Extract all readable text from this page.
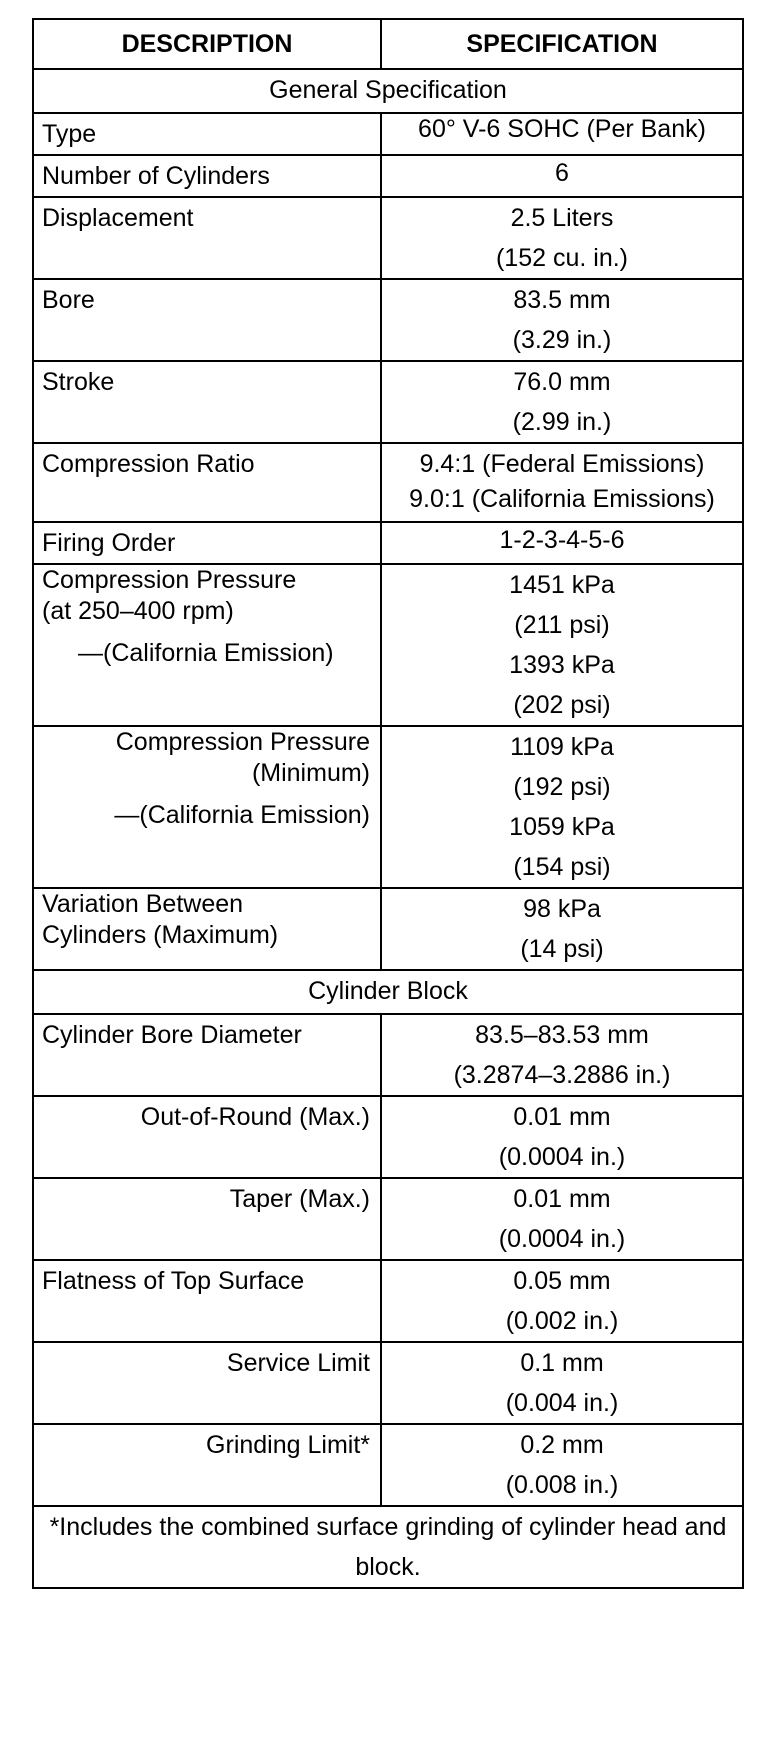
DESCRIPTION	SPECIFICATION
General Specification	
Type	60° V-6 SOHC (Per Bank)

Number of Cylinders	6

Displacement	2.5 Liters
(152 cu. in.)

Bore	83.5 mm
(3.29 in.)

Stroke	76.0 mm
(2.99 in.)

Compression Ratio	9.4:1 (Federal Emissions)
9.0:1 (California Emissions)

Firing Order	1-2-3-4-5-6

Compression Pressure
(at 250–400 rpm)
—(California Emission)	1451 kPa
(211 psi)
1393 kPa
(202 psi)

Compression Pressure
(Minimum)
—(California Emission)	1109 kPa
(192 psi)
1059 kPa
(154 psi)

Variation Between
Cylinders (Maximum)	98 kPa
(14 psi)

Cylinder Block	
Cylinder Bore Diameter	83.5–83.53 mm
(3.2874–3.2886 in.)

Out-of-Round (Max.)	0.01 mm
(0.0004 in.)

Taper (Max.)	0.01 mm
(0.0004 in.)

Flatness of Top Surface	0.05 mm
(0.002 in.)

Service Limit	0.1 mm
(0.004 in.)

Grinding Limit*	0.2 mm
(0.008 in.)

*Includes the combined surface grinding of cylinder head and block.	
